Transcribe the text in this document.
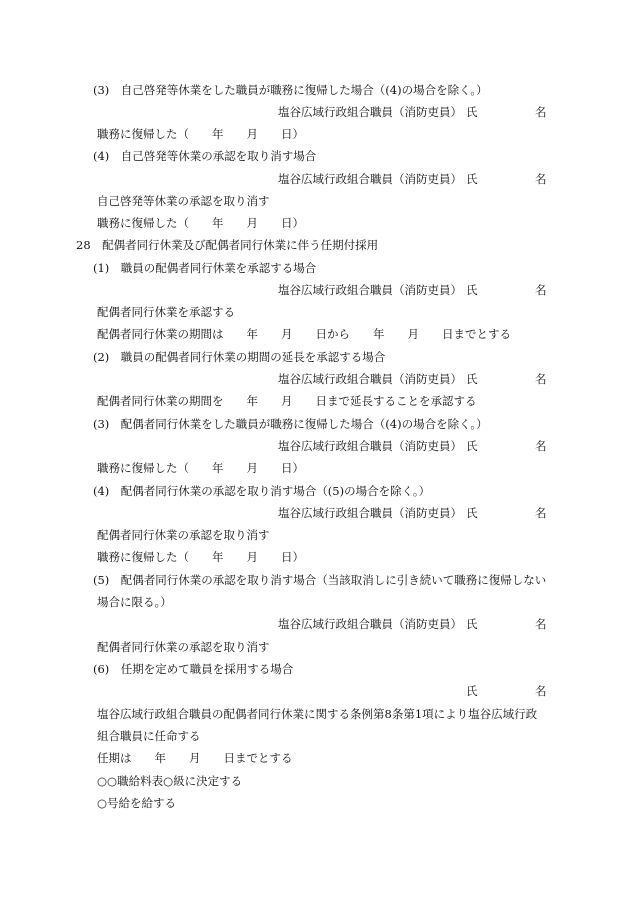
(3)　自己啓発等休業をした職員が職務に復帰した場合（(4)の場合を除く。）
塩谷広域行政組合職員（消防吏員） 氏	名
職務に復帰した（　　年　　月　　日）
(4)　自己啓発等休業の承認を取り消す場合
塩谷広域行政組合職員（消防吏員） 氏	名
自己啓発等休業の承認を取り消す
職務に復帰した（　　年　　月　　日）
28　配偶者同行休業及び配偶者同行休業に伴う任期付採用
(1)　職員の配偶者同行休業を承認する場合
塩谷広域行政組合職員（消防吏員） 氏	名
配偶者同行休業を承認する
配偶者同行休業の期間は　　年　　月　　日から　　年　　月　　日までとする
(2)　職員の配偶者同行休業の期間の延長を承認する場合
塩谷広域行政組合職員（消防吏員） 氏	名
配偶者同行休業の期間を　　年　　月　　日まで延長することを承認する
(3)　配偶者同行休業をした職員が職務に復帰した場合（(4)の場合を除く。）
塩谷広域行政組合職員（消防吏員） 氏	名
職務に復帰した（　　年　　月　　日）
(4)　配偶者同行休業の承認を取り消す場合（(5)の場合を除く。）
塩谷広域行政組合職員（消防吏員） 氏	名
配偶者同行休業の承認を取り消す
職務に復帰した（　　年　　月　　日）
(5)　配偶者同行休業の承認を取り消す場合（当該取消しに引き続いて職務に復帰しない
場合に限る。）
塩谷広域行政組合職員（消防吏員） 氏	名
配偶者同行休業の承認を取り消す
(6)　任期を定めて職員を採用する場合
氏	名
塩谷広域行政組合職員の配偶者同行休業に関する条例第8条第1項により塩谷広域行政
組合職員に任命する
任期は　　年　　月　　日までとする
○○職給料表○級に決定する
○号給を給する
